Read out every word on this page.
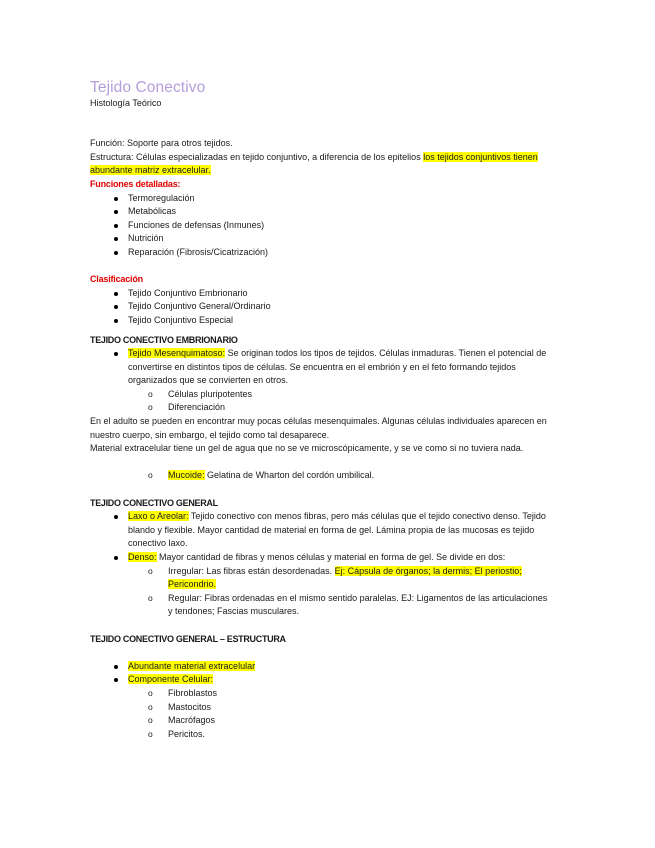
Tejido Conectivo
Histología Teórico

Función: Soporte para otros tejidos.

Estructura: Células especializadas en tejido conjuntivo, a diferencia de los epitelios los tejidos conjuntivos tienen abundante matriz extracelular.

Funciones detalladas:

Termoregulación
Metabólicas
Funciones de defensas (Inmunes)
Nutrición
Reparación (Fibrosis/Cicatrización)

Clasificación

Tejido Conjuntivo Embrionario
Tejido Conjuntivo General/Ordinario
Tejido Conjuntivo Especial

TEJIDO CONECTIVO EMBRIONARIO

Tejido Mesenquimatoso: Se originan todos los tipos de tejidos. Células inmaduras. Tienen el potencial de convertirse en distintos tipos de células. Se encuentra en el embrión y en el feto formando tejidos organizados que se convierten en otros.
o Células pluripotentes
o Diferenciación

En el adulto se pueden en encontrar muy pocas células mesenquimales. Algunas células individuales aparecen en nuestro cuerpo, sin embargo, el tejido como tal desaparece.

Material extracelular tiene un gel de agua que no se ve microscópicamente, y se ve como si no tuviera nada.

o Mucoide: Gelatina de Wharton del cordón umbilical.

TEJIDO CONECTIVO GENERAL

Laxo o Areolar: Tejido conectivo con menos fibras, pero más células que el tejido conectivo denso. Tejido blando y flexible. Mayor cantidad de material en forma de gel. Lámina propia de las mucosas es tejido conectivo laxo.
Denso: Mayor cantidad de fibras y menos células y material en forma de gel. Se divide en dos:
o Irregular: Las fibras están desordenadas. Ej: Cápsula de órganos; la dermis; El periostio; Pericondrio.
o Regular: Fibras ordenadas en el mismo sentido paralelas. EJ: Ligamentos de las articulaciones y tendones; Fascias musculares.

TEJIDO CONECTIVO GENERAL – ESTRUCTURA

Abundante material extracelular
Componente Celular:
o Fibroblastos
o Mastocitos
o Macrófagos
o Pericitos.
